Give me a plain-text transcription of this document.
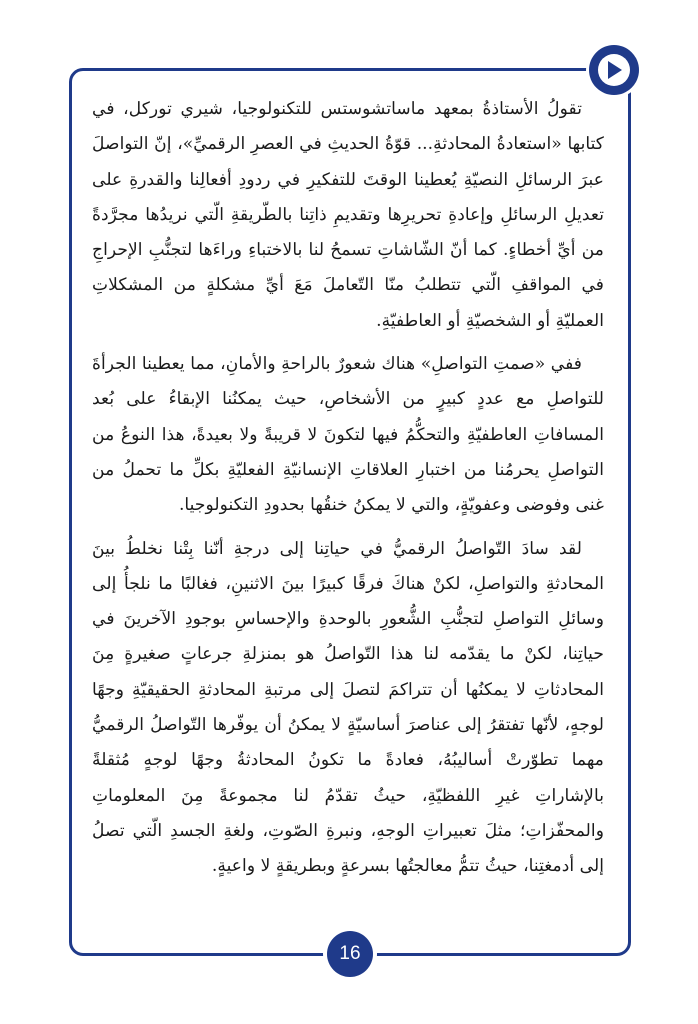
تقولُ الأستاذةُ بمعهد ماساتشوستس للتكنولوجيا، شيري توركل، في كتابها «استعادةُ المحادثةِ... قوّةُ الحديثِ في العصرِ الرقميِّ»، إنّ التواصلَ عبرَ الرسائلِ النصيّةِ يُعطينا الوقتَ للتفكيرِ في ردودِ أفعالِنا والقدرةِ على تعديلِ الرسائلِ وإعادةِ تحريرِها وتقديمِ ذاتِنا بالطّريقةِ الّتي نريدُها مجرَّدةً من أيِّ أخطاءٍ. كما أنّ الشّاشاتِ تسمحُ لنا بالاختباءِ وراءَها لتجنُّبِ الإحراجِ في المواقفِ الّتي تتطلبُ منّا التّعاملَ مَعَ أيِّ مشكلةٍ من المشكلاتِ العمليّةِ أو الشخصيّةِ أو العاطفيّةِ.

ففي «صمتِ التواصلِ» هناك شعورٌ بالراحةِ والأمانِ، مما يعطينا الجرأةَ للتواصلِ مع عددٍ كبيرٍ من الأشخاصِ، حيث يمكنُنا الإبقاءُ على بُعد المسافاتِ العاطفيّةِ والتحكُّمُ فيها لتكونَ لا قريبةً ولا بعيدةً، هذا النوعُ من التواصلِ يحرمُنا من اختبارِ العلاقاتِ الإنسانيّةِ الفعليّةِ بكلِّ ما تحملُ من غنى وفوضى وعفويّةٍ، والتي لا يمكنُ خنقُها بحدودِ التكنولوجيا.

لقد سادَ التّواصلُ الرقميُّ في حياتِنا إلى درجةِ أنّنا بِتْنا نخلطُ بينَ المحادثةِ والتواصلِ، لكنْ هناكَ فرقًا كبيرًا بينَ الاثنينِ، فغالبًا ما نلجأُ إلى وسائلِ التواصلِ لتجنُّبِ الشُّعورِ بالوحدةِ والإحساسِ بوجودِ الآخرينَ في حياتِنا، لكنْ ما يقدّمه لنا هذا التّواصلُ هو بمنزلةِ جرعاتٍ صغيرةٍ مِنَ المحادثاتِ لا يمكنُها أن تتراكمَ لتصلَ إلى مرتبةِ المحادثةِ الحقيقيّةِ وجهًا لوجهٍ، لأنّها تفتقرُ إلى عناصرَ أساسيّةٍ لا يمكنُ أن يوفّرها التّواصلُ الرقميُّ مهما تطوّرتْ أساليبُهُ، فعادةً ما تكونُ المحادثةُ وجهًا لوجهٍ مُثقلةً بالإشاراتِ غيرِ اللفظيّةِ، حيثُ تقدّمُ لنا مجموعةً مِنَ المعلوماتِ والمحفّزاتِ؛ مثلَ تعبيراتِ الوجهِ، ونبرةِ الصّوتِ، ولغةِ الجسدِ الّتي تصلُ إلى أدمغتِنا، حيثُ تتمُّ معالجتُها بسرعةٍ وبطريقةٍ لا واعيةٍ.

16
